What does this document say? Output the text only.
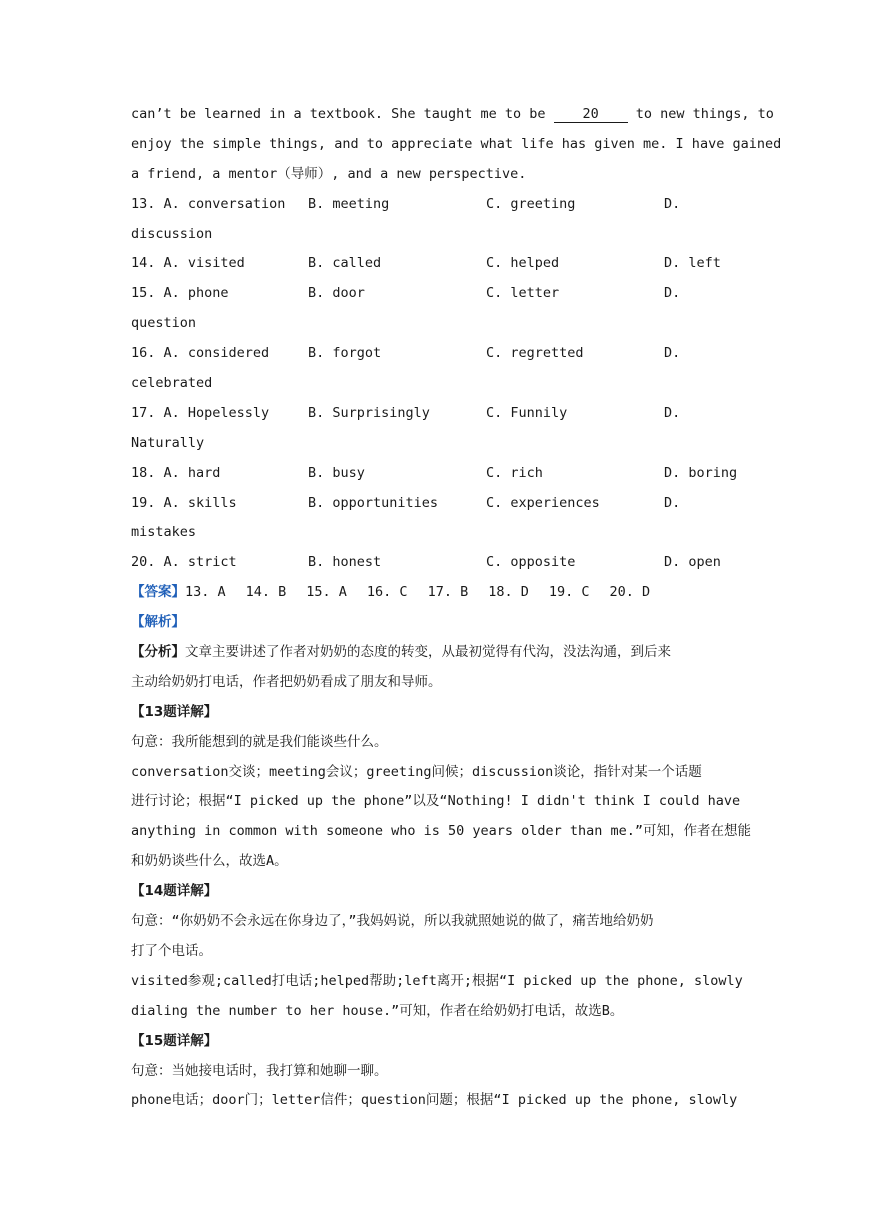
can’t be learned in a textbook. She taught me to be 20 to new things, to
enjoy the simple things, and to appreciate what life has given me. I have gained
a friend, a mentor（导师）, and a new perspective.
13. A. conversation B. meeting	C. greeting	D.
discussion
14. A. visited	B. called	C. helped	D. left
15. A. phone	B. door	C. letter	D.
question
16. A. considered	B. forgot	C. regretted	D.
celebrated
17. A. Hopelessly	B. Surprisingly	C. Funnily	D.
Naturally
18. A. hard	B. busy	C. rich	D. boring
19. A. skills	B. opportunities	C. experiences	D.
mistakes
20. A. strict	B. honest	C. opposite	D. open
【答案】13. A 14. B 15. A 16. C 17. B 18. D 19. C 20. D
【解析】
【分析】文章主要讲述了作者对奶奶的态度的转变，从最初觉得有代沟，没法沟通，到后来
主动给奶奶打电话，作者把奶奶看成了朋友和导师。
【13题详解】
句意：我所能想到的就是我们能谈些什么。
conversation交谈；meeting会议；greeting问候；discussion谈论，指针对某一个话题
进行讨论；根据“I picked up the phone”以及“Nothing! I didn't think I could have
anything in common with someone who is 50 years older than me.”可知，作者在想能
和奶奶谈些什么，故选A。
【14题详解】
句意：“你奶奶不会永远在你身边了，”我妈妈说，所以我就照她说的做了，痛苦地给奶奶
打了个电话。
visited参观;called打电话;helped帮助;left离开;根据“I picked up the phone, slowly
dialing the number to her house.”可知，作者在给奶奶打电话，故选B。
【15题详解】
句意：当她接电话时，我打算和她聊一聊。
phone电话；door门；letter信件；question问题；根据“I picked up the phone, slowly
